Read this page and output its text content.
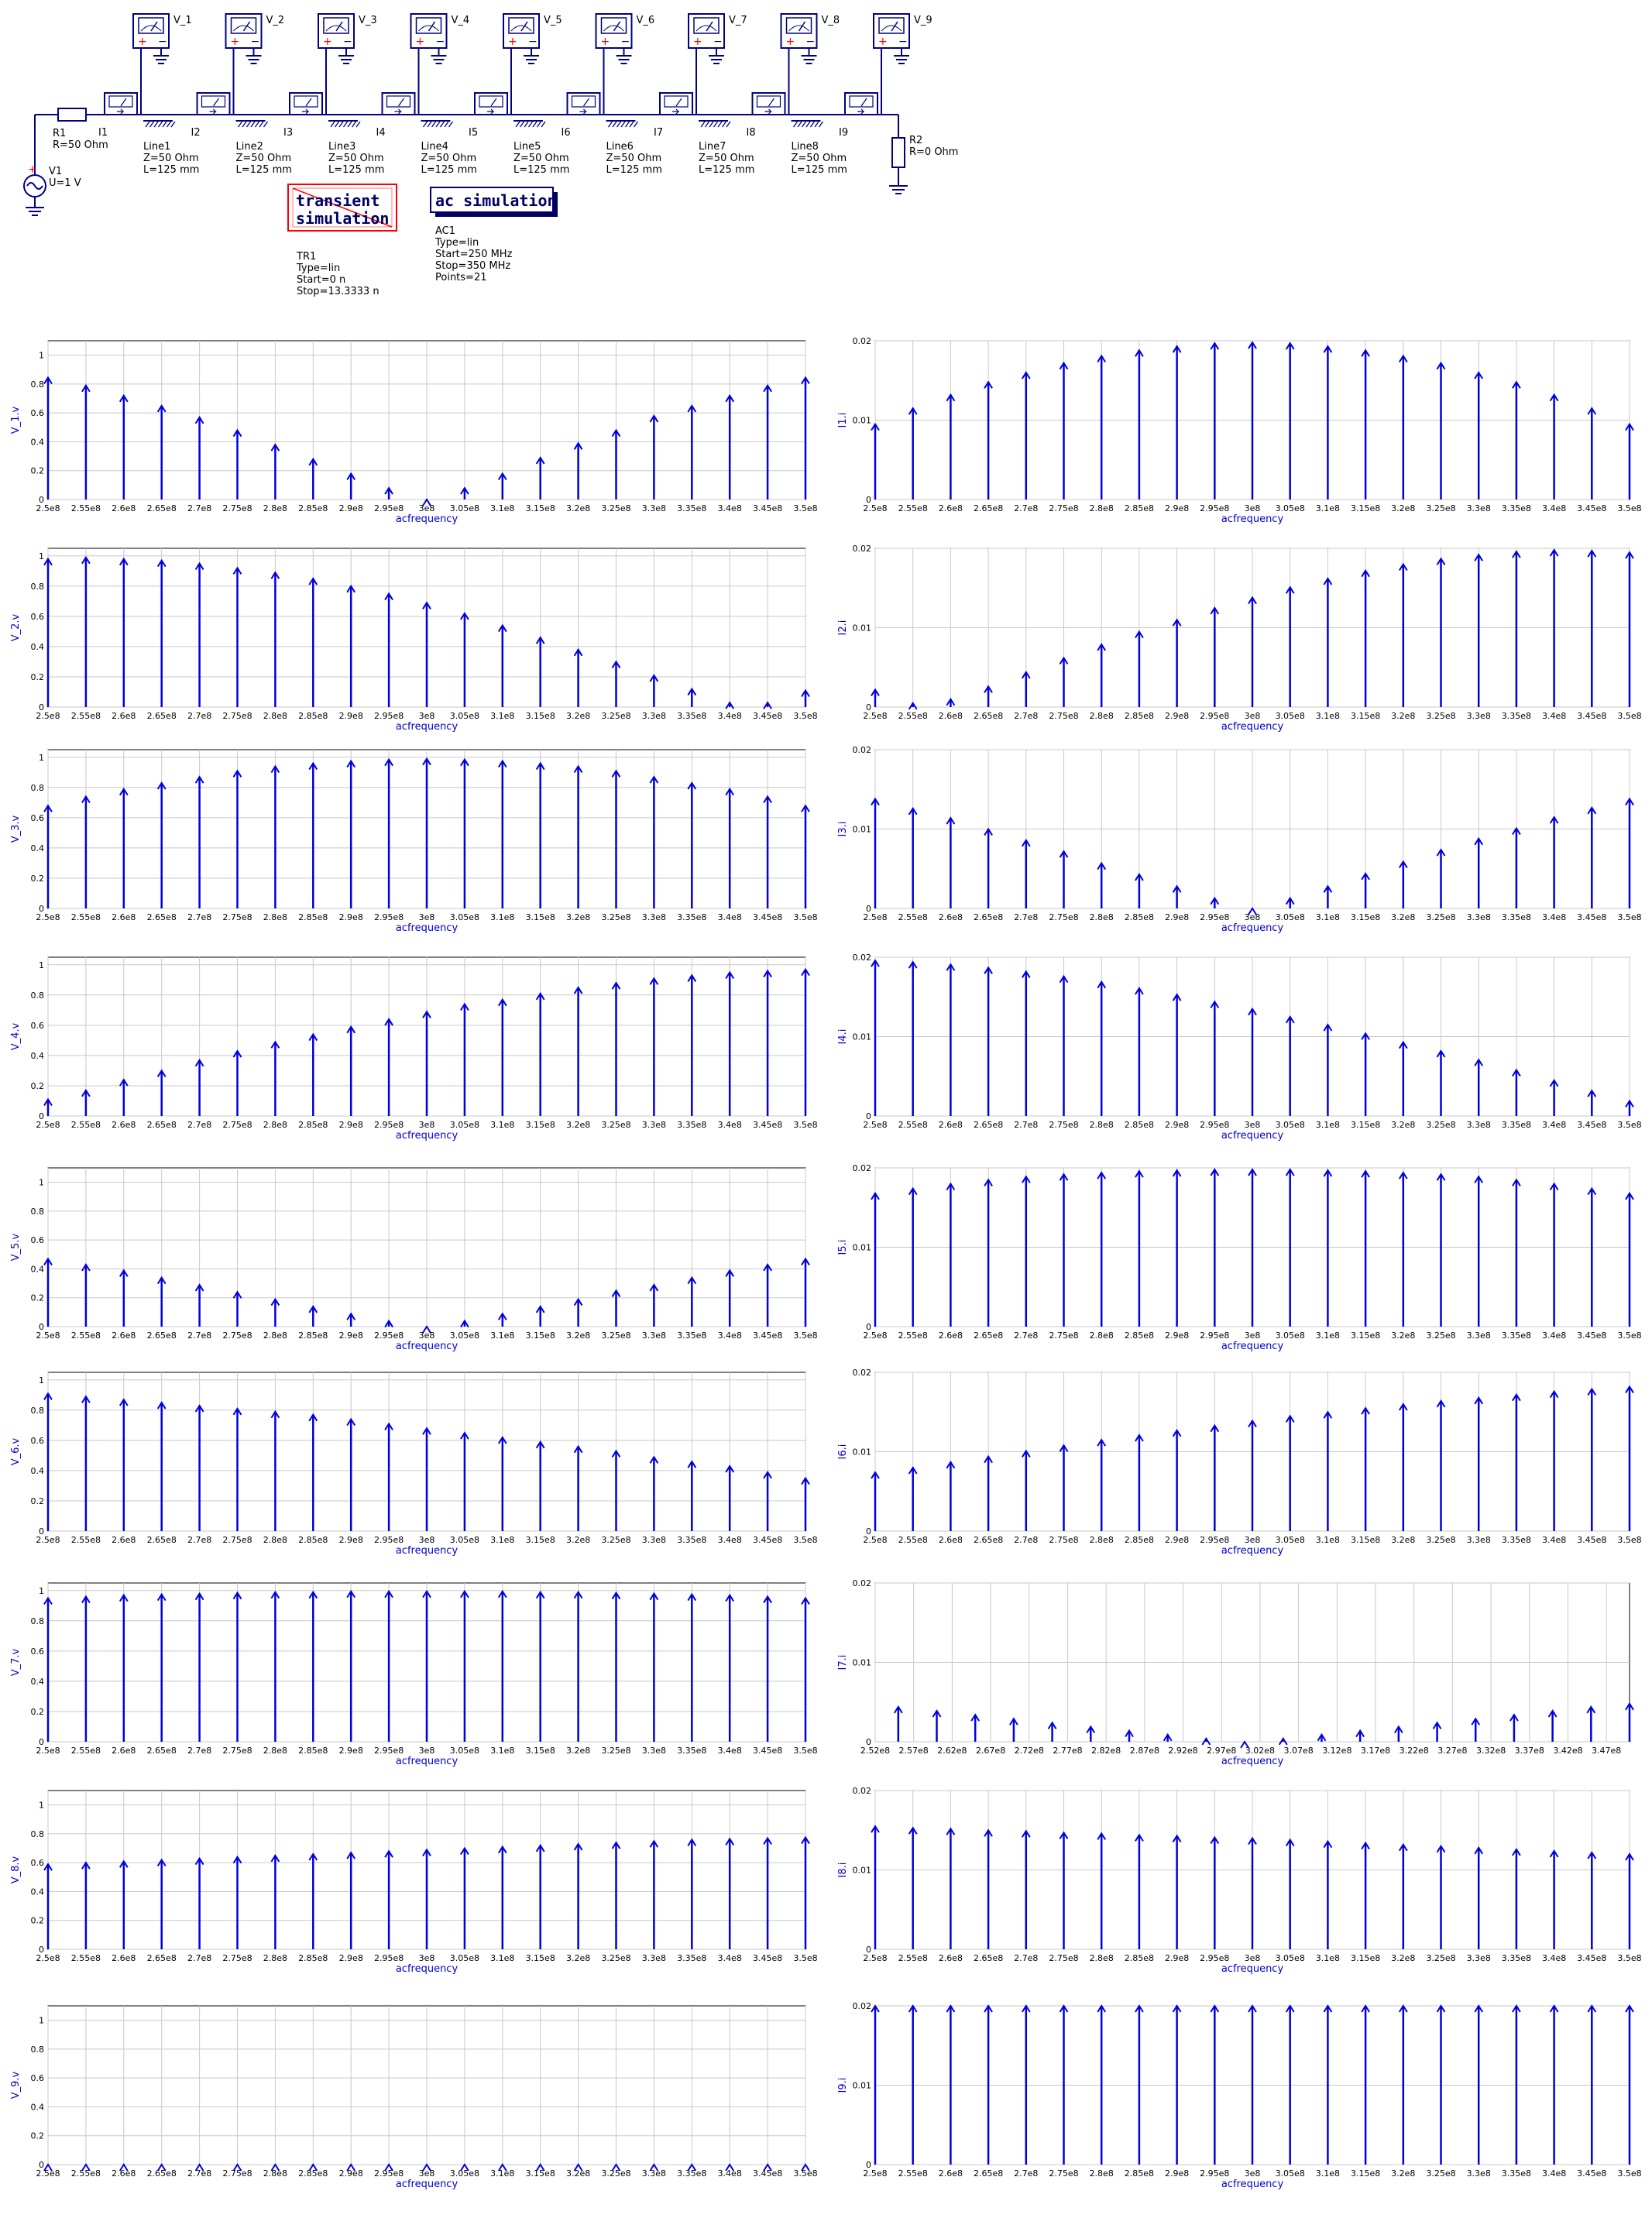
+ V1
U=1 V
R1
R=50 Ohm	R2
R=0 Ohm
+ −
V_1
I1
Line1
Z=50 Ohm
L=125 mm
+ −
V_2
I2
Line2
Z=50 Ohm
L=125 mm
+ −
V_3
I3
Line3
Z=50 Ohm
L=125 mm
+ −
V_4
I4
Line4
Z=50 Ohm
L=125 mm
+ −
V_5
I5
Line5
Z=50 Ohm
L=125 mm
+ −
V_6
I6
Line6
Z=50 Ohm
L=125 mm
+ −
V_7
I7
Line7
Z=50 Ohm
L=125 mm
+ −
V_8
I8
Line8
Z=50 Ohm
L=125 mm
+ −
V_9
I9
transient
simulation
TR1
Type=lin
Start=0 n
Stop=13.3333 n
ac simulation
AC1
Type=lin
Start=250 MHz
Stop=350 MHz
Points=21
2.5e8 2.55e8 2.6e8 2.65e8 2.7e8 2.75e8 2.8e8 2.85e8 2.9e8 2.95e8 3e8 3.05e8 3.1e8 3.15e8 3.2e8 3.25e8 3.3e8 3.35e8 3.4e8 3.45e8 3.5e8
0
0.2
0.4
0.6
0.8
1
acfrequency
V_1.v
2.5e8 2.55e8 2.6e8 2.65e8 2.7e8 2.75e8 2.8e8 2.85e8 2.9e8 2.95e8 3e8 3.05e8 3.1e8 3.15e8 3.2e8 3.25e8 3.3e8 3.35e8 3.4e8 3.45e8 3.5e8
0
0.01
0.02
acfrequency
I1.i
2.5e8 2.55e8 2.6e8 2.65e8 2.7e8 2.75e8 2.8e8 2.85e8 2.9e8 2.95e8 3e8 3.05e8 3.1e8 3.15e8 3.2e8 3.25e8 3.3e8 3.35e8 3.4e8 3.45e8 3.5e8
0
0.2
0.4
0.6
0.8
1
acfrequency
V_2.v
2.5e8 2.55e8 2.6e8 2.65e8 2.7e8 2.75e8 2.8e8 2.85e8 2.9e8 2.95e8 3e8 3.05e8 3.1e8 3.15e8 3.2e8 3.25e8 3.3e8 3.35e8 3.4e8 3.45e8 3.5e8
0
0.01
0.02
acfrequency
I2.i
2.5e8 2.55e8 2.6e8 2.65e8 2.7e8 2.75e8 2.8e8 2.85e8 2.9e8 2.95e8 3e8 3.05e8 3.1e8 3.15e8 3.2e8 3.25e8 3.3e8 3.35e8 3.4e8 3.45e8 3.5e8
0
0.2
0.4
0.6
0.8
1
acfrequency
V_3.v
2.5e8 2.55e8 2.6e8 2.65e8 2.7e8 2.75e8 2.8e8 2.85e8 2.9e8 2.95e8 3e8 3.05e8 3.1e8 3.15e8 3.2e8 3.25e8 3.3e8 3.35e8 3.4e8 3.45e8 3.5e8
0
0.01
0.02
acfrequency
I3.i
2.5e8 2.55e8 2.6e8 2.65e8 2.7e8 2.75e8 2.8e8 2.85e8 2.9e8 2.95e8 3e8 3.05e8 3.1e8 3.15e8 3.2e8 3.25e8 3.3e8 3.35e8 3.4e8 3.45e8 3.5e8
0
0.2
0.4
0.6
0.8
1
acfrequency
V_4.v
2.5e8 2.55e8 2.6e8 2.65e8 2.7e8 2.75e8 2.8e8 2.85e8 2.9e8 2.95e8 3e8 3.05e8 3.1e8 3.15e8 3.2e8 3.25e8 3.3e8 3.35e8 3.4e8 3.45e8 3.5e8
0
0.01
0.02
acfrequency
I4.i
2.5e8 2.55e8 2.6e8 2.65e8 2.7e8 2.75e8 2.8e8 2.85e8 2.9e8 2.95e8 3e8 3.05e8 3.1e8 3.15e8 3.2e8 3.25e8 3.3e8 3.35e8 3.4e8 3.45e8 3.5e8
0
0.2
0.4
0.6
0.8
1
acfrequency
V_5.v
2.5e8 2.55e8 2.6e8 2.65e8 2.7e8 2.75e8 2.8e8 2.85e8 2.9e8 2.95e8 3e8 3.05e8 3.1e8 3.15e8 3.2e8 3.25e8 3.3e8 3.35e8 3.4e8 3.45e8 3.5e8
0
0.01
0.02
acfrequency
I5.i
2.5e8 2.55e8 2.6e8 2.65e8 2.7e8 2.75e8 2.8e8 2.85e8 2.9e8 2.95e8 3e8 3.05e8 3.1e8 3.15e8 3.2e8 3.25e8 3.3e8 3.35e8 3.4e8 3.45e8 3.5e8
0
0.2
0.4
0.6
0.8
1
acfrequency
V_6.v
2.5e8 2.55e8 2.6e8 2.65e8 2.7e8 2.75e8 2.8e8 2.85e8 2.9e8 2.95e8 3e8 3.05e8 3.1e8 3.15e8 3.2e8 3.25e8 3.3e8 3.35e8 3.4e8 3.45e8 3.5e8
0
0.01
0.02
acfrequency
I6.i
2.5e8 2.55e8 2.6e8 2.65e8 2.7e8 2.75e8 2.8e8 2.85e8 2.9e8 2.95e8 3e8 3.05e8 3.1e8 3.15e8 3.2e8 3.25e8 3.3e8 3.35e8 3.4e8 3.45e8 3.5e8
0
0.2
0.4
0.6
0.8
1
acfrequency
V_7.v
2.52e8 2.57e8 2.62e8 2.67e8 2.72e8 2.77e8 2.82e8 2.87e8 2.92e8 2.97e8 3.02e8 3.07e8 3.12e8 3.17e8 3.22e8 3.27e8 3.32e8 3.37e8 3.42e8 3.47e8
0
0.01
0.02
acfrequency
I7.i
2.5e8 2.55e8 2.6e8 2.65e8 2.7e8 2.75e8 2.8e8 2.85e8 2.9e8 2.95e8 3e8 3.05e8 3.1e8 3.15e8 3.2e8 3.25e8 3.3e8 3.35e8 3.4e8 3.45e8 3.5e8
0
0.2
0.4
0.6
0.8
1
acfrequency
V_8.v
2.5e8 2.55e8 2.6e8 2.65e8 2.7e8 2.75e8 2.8e8 2.85e8 2.9e8 2.95e8 3e8 3.05e8 3.1e8 3.15e8 3.2e8 3.25e8 3.3e8 3.35e8 3.4e8 3.45e8 3.5e8
0
0.01
0.02
acfrequency
I8.i
2.5e8 2.55e8 2.6e8 2.65e8 2.7e8 2.75e8 2.8e8 2.85e8 2.9e8 2.95e8 3e8 3.05e8 3.1e8 3.15e8 3.2e8 3.25e8 3.3e8 3.35e8 3.4e8 3.45e8 3.5e8
0
0.2
0.4
0.6
0.8
1
acfrequency
V_9.v
2.5e8 2.55e8 2.6e8 2.65e8 2.7e8 2.75e8 2.8e8 2.85e8 2.9e8 2.95e8 3e8 3.05e8 3.1e8 3.15e8 3.2e8 3.25e8 3.3e8 3.35e8 3.4e8 3.45e8 3.5e8
0
0.01
0.02
acfrequency
I9.i
